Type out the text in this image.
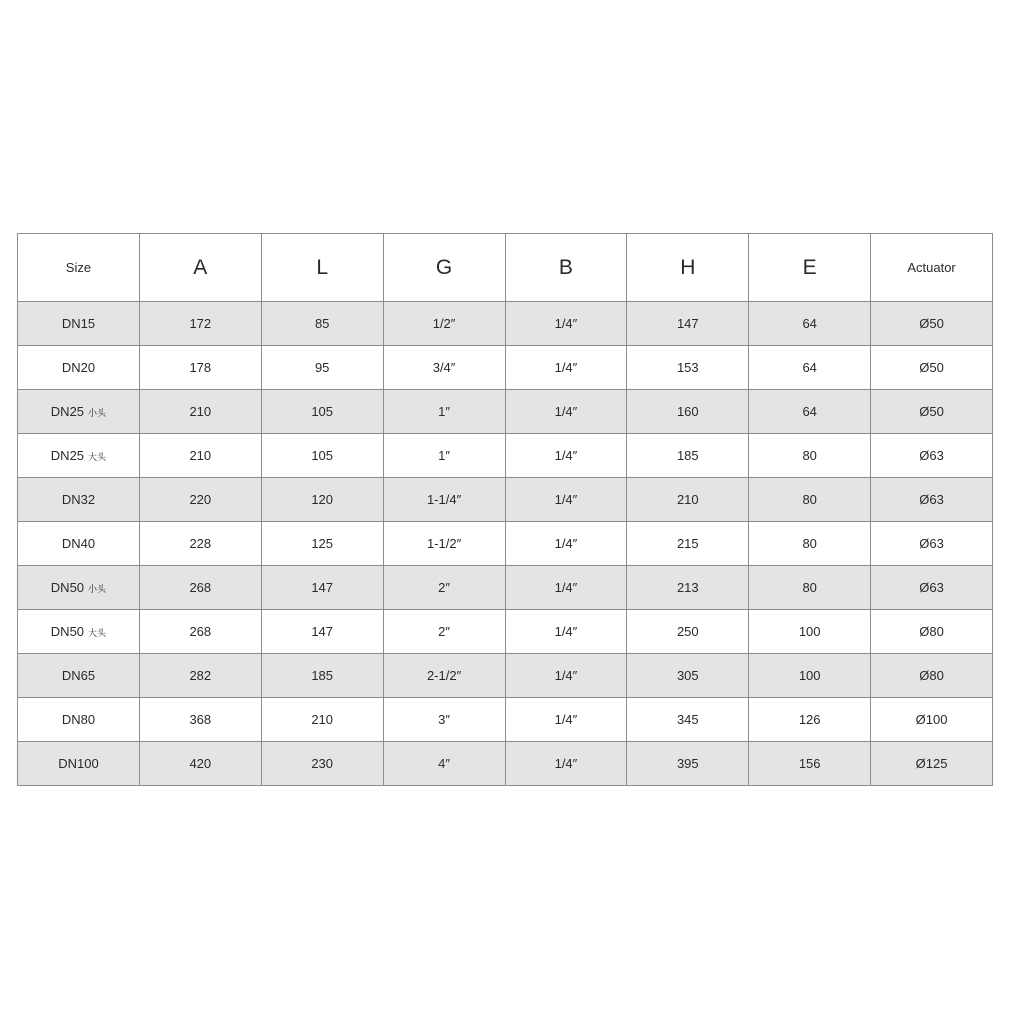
Size	A	L	G	B	H	E	Actuator
DN15	172	85	1/2″	1/4″	147	64	Ø50
DN20	178	95	3/4″	1/4″	153	64	Ø50
DN25 小头	210	105	1″	1/4″	160	64	Ø50
DN25 大头	210	105	1″	1/4″	185	80	Ø63
DN32	220	120	1-1/4″	1/4″	210	80	Ø63
DN40	228	125	1-1/2″	1/4″	215	80	Ø63
DN50 小头	268	147	2″	1/4″	213	80	Ø63
DN50 大头	268	147	2″	1/4″	250	100	Ø80
DN65	282	185	2-1/2″	1/4″	305	100	Ø80
DN80	368	210	3″	1/4″	345	126	Ø100
DN100	420	230	4″	1/4″	395	156	Ø125
